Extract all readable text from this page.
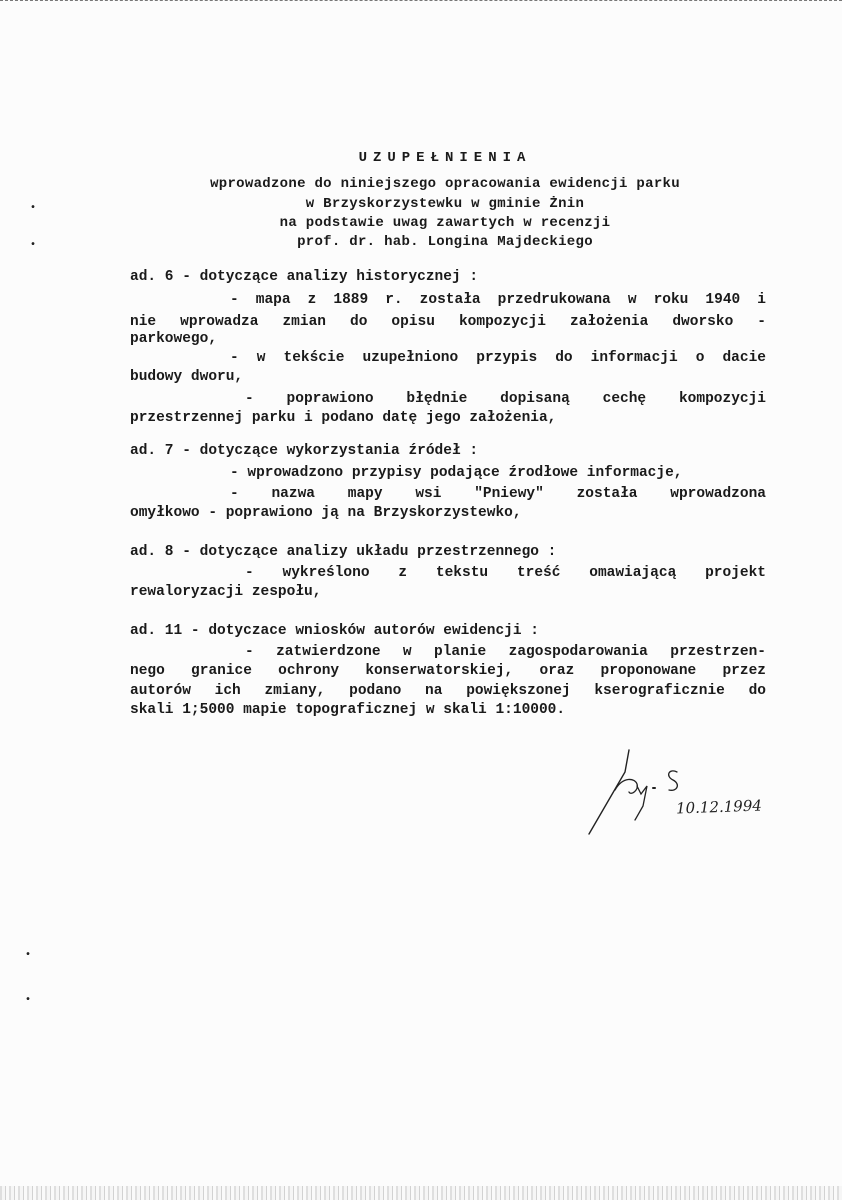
•
•
•
•
UZUPEŁNIENIA
wprowadzone do niniejszego opracowania ewidencji parku
w Brzyskorzystewku w gminie Żnin
na podstawie uwag zawartych w recenzji
prof. dr. hab. Longina Majdeckiego
ad. 6 - dotyczące analizy historycznej :
- mapa z 1889 r. została przedrukowana w roku 1940 i
nie wprowadza zmian do opisu kompozycji założenia dworsko -
parkowego,
- w tekście uzupełniono przypis do informacji o dacie
budowy dworu,
- poprawiono błędnie dopisaną cechę kompozycji
przestrzennej parku i podano datę jego założenia,
ad. 7 - dotyczące wykorzystania źródeł :
- wprowadzono przypisy podające źrodłowe informacje,
- nazwa mapy wsi "Pniewy" została wprowadzona
omyłkowo - poprawiono ją na Brzyskorzystewko,
ad. 8 - dotyczące analizy układu przestrzennego :
- wykreślono z tekstu treść omawiającą projekt
rewaloryzacji zespołu,
ad. 11 - dotyczace wniosków autorów ewidencji :
- zatwierdzone w planie zagospodarowania przestrzen-
nego granice ochrony konserwatorskiej, oraz proponowane przez
autorów ich zmiany, podano na powiększonej kserograficznie do
skali 1;5000 mapie topograficznej w skali 1:10000.
10.12.1994
